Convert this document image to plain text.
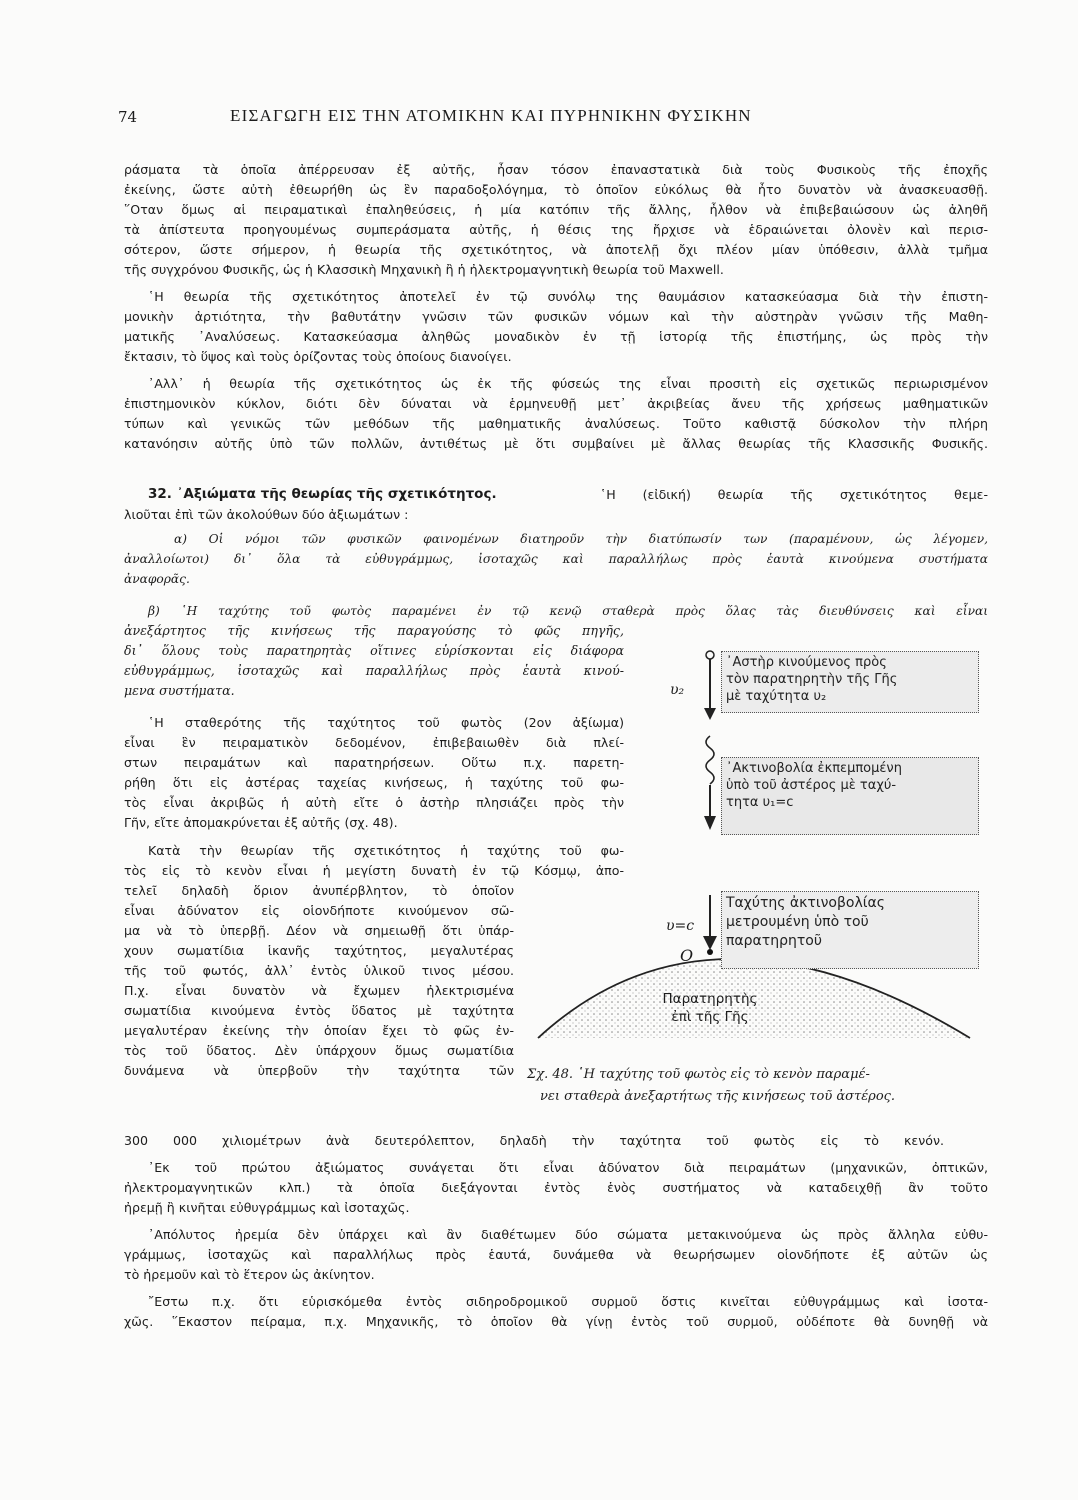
74	ΕΙΣΑΓΩΓΗ ΕΙΣ ΤΗΝ ΑΤΟΜΙΚΗΝ ΚΑΙ ΠΥΡΗΝΙΚΗΝ ΦΥΣΙΚΗΝ
ράσματα τὰ ὁποῖα ἀπέρρευσαν ἐξ αὐτῆς, ἦσαν τόσον ἐπαναστατικὰ διὰ τοὺς Φυσικοὺς τῆς ἐποχῆς
ἐκείνης, ὥστε αὐτὴ ἐθεωρήθη ὡς ἓν παραδοξολόγημα, τὸ ὁποῖον εὐκόλως θὰ ἦτο δυνατὸν νὰ ἀνασκευασθῇ.
῞Οταν ὅμως αἱ πειραματικαὶ ἐπαληθεύσεις, ἡ μία κατόπιν τῆς ἄλλης, ἦλθον νὰ ἐπιβεβαιώσουν ὡς ἀληθῆ
τὰ ἀπίστευτα προηγουμένως συμπεράσματα αὐτῆς, ἡ θέσις της ἤρχισε νὰ ἑδραιώνεται ὀλονὲν καὶ περισ-
σότερον, ὥστε σήμερον, ἡ θεωρία τῆς σχετικότητος, νὰ ἀποτελῇ ὄχι πλέον μίαν ὑπόθεσιν, ἀλλὰ τμῆμα
τῆς συγχρόνου Φυσικῆς, ὡς ἡ Κλασσικὴ Μηχανικὴ ἢ ἡ ἠλεκτρομαγνητικὴ θεωρία τοῦ Maxwell.
῾Η θεωρία τῆς σχετικότητος ἀποτελεῖ ἐν τῷ συνόλῳ της θαυμάσιον κατασκεύασμα διὰ τὴν ἐπιστη-
μονικὴν ἀρτιότητα, τὴν βαθυτάτην γνῶσιν τῶν φυσικῶν νόμων καὶ τὴν αὐστηρὰν γνῶσιν τῆς Μαθη-
ματικῆς ᾿Αναλύσεως. Κατασκεύασμα ἀληθῶς μοναδικὸν ἐν τῇ ἱστορίᾳ τῆς ἐπιστήμης, ὡς πρὸς τὴν
ἔκτασιν, τὸ ὕψος καὶ τοὺς ὁρίζοντας τοὺς ὁποίους διανοίγει.
᾿Αλλ᾿ ἡ θεωρία τῆς σχετικότητος ὡς ἐκ τῆς φύσεώς της εἶναι προσιτὴ εἰς σχετικῶς περιωρισμένον
ἐπιστημονικὸν κύκλον, διότι δὲν δύναται νὰ ἑρμηνευθῇ μετ᾿ ἀκριβείας ἄνευ τῆς χρήσεως μαθηματικῶν
τύπων καὶ γενικῶς τῶν μεθόδων τῆς μαθηματικῆς ἀναλύσεως. Τοῦτο καθιστᾷ δύσκολον τὴν πλήρη
κατανόησιν αὐτῆς ὑπὸ τῶν πολλῶν, ἀντιθέτως μὲ ὅτι συμβαίνει μὲ ἄλλας θεωρίας τῆς Κλασσικῆς Φυσικῆς.
32. ᾿Αξιώματα τῆς θεωρίας τῆς σχετικότητος.	῾Η (εἰδική) θεωρία τῆς σχετικότητος θεμε-
λιοῦται ἐπὶ τῶν ἀκολούθων δύο ἀξιωμάτων :
α) Οἱ νόμοι τῶν φυσικῶν φαινομένων διατηροῦν τὴν διατύπωσίν των (παραμένουν, ὡς λέγομεν,
ἀναλλοίωτοι) δι᾿ ὅλα τὰ εὐθυγράμμως, ἰσοταχῶς καὶ παραλλήλως πρὸς ἑαυτὰ κινούμενα συστήματα
ἀναφορᾶς.
β) ῾Η ταχύτης τοῦ φωτὸς παραμένει ἐν τῷ κενῷ σταθερὰ πρὸς ὅλας τὰς διευθύνσεις καὶ εἶναι
ἀνεξάρτητος τῆς κινήσεως τῆς παραγούσης τὸ φῶς πηγῆς,
δι᾿ ὅλους τοὺς παρατηρητὰς οἵτινες εὑρίσκονται εἰς διάφορα
εὐθυγράμμως, ἰσοταχῶς καὶ παραλλήλως πρὸς ἑαυτὰ κινού-
μενα συστήματα.
῾Η σταθερότης τῆς ταχύτητος τοῦ φωτὸς (2ον ἀξίωμα)
εἶναι ἓν πειραματικὸν δεδομένον, ἐπιβεβαιωθὲν διὰ πλεί-
στων πειραμάτων καὶ παρατηρήσεων. Οὕτω π.χ. παρετη-
ρήθη ὅτι εἰς ἀστέρας ταχείας κινήσεως, ἡ ταχύτης τοῦ φω-
τὸς εἶναι ἀκριβῶς ἡ αὐτὴ εἴτε ὁ ἀστὴρ πλησιάζει πρὸς τὴν
Γῆν, εἴτε ἀπομακρύνεται ἐξ αὐτῆς (σχ. 48).
Κατὰ τὴν θεωρίαν τῆς σχετικότητος ἡ ταχύτης τοῦ φω-
τὸς εἰς τὸ κενὸν εἶναι ἡ μεγίστη δυνατὴ ἐν τῷ Κόσμῳ, ἀπο-
τελεῖ δηλαδὴ ὅριον ἀνυπέρβλητον, τὸ ὁποῖον
εἶναι ἀδύνατον εἰς οἱονδήποτε κινούμενον σῶ-
μα νὰ τὸ ὑπερβῇ. Δέον νὰ σημειωθῇ ὅτι ὑπάρ-
χουν σωματίδια ἱκανῆς ταχύτητος, μεγαλυτέρας
τῆς τοῦ φωτός, ἀλλ᾿ ἐντὸς ὑλικοῦ τινος μέσου.
Π.χ. εἶναι δυνατὸν νὰ ἔχωμεν ἠλεκτρισμένα
σωματίδια κινούμενα ἐντὸς ὕδατος μὲ ταχύτητα
μεγαλυτέραν ἐκείνης τὴν ὁποίαν ἔχει τὸ φῶς ἐν-
τὸς τοῦ ὕδατος. Δὲν ὑπάρχουν ὅμως σωματίδια
δυνάμενα νὰ ὑπερβοῦν τὴν ταχύτητα τῶν
υ₂
υ=c
O
᾿Αστὴρ κινούμενος πρὸς
τὸν παρατηρητὴν τῆς Γῆς
μὲ ταχύτητα υ₂
᾿Ακτινοβολία ἐκπεμπομένη
ὑπὸ τοῦ ἀστέρος μὲ ταχύ-
τητα υ₁=c
Ταχύτης ἀκτινοβολίας
μετρουμένη ὑπὸ τοῦ
παρατηρητοῦ
Παρατηρητὴς
ἐπὶ τῆς Γῆς
Σχ. 48. ῾Η ταχύτης τοῦ φωτὸς εἰς τὸ κενὸν παραμέ-
νει σταθερὰ ἀνεξαρτήτως τῆς κινήσεως τοῦ ἀστέρος.
300 000 χιλιομέτρων ἀνὰ δευτερόλεπτον, δηλαδὴ τὴν ταχύτητα τοῦ φωτὸς εἰς τὸ κενόν.
᾿Εκ τοῦ πρώτου ἀξιώματος συνάγεται ὅτι εἶναι ἀδύνατον διὰ πειραμάτων (μηχανικῶν, ὀπτικῶν,
ἠλεκτρομαγνητικῶν κλπ.) τὰ ὁποῖα διεξάγονται ἐντὸς ἑνὸς συστήματος νὰ καταδειχθῇ ἂν τοῦτο
ἠρεμῇ ἢ κινῆται εὐθυγράμμως καὶ ἰσοταχῶς.
᾿Απόλυτος ἠρεμία δὲν ὑπάρχει καὶ ἂν διαθέτωμεν δύο σώματα μετακινούμενα ὡς πρὸς ἄλληλα εὐθυ-
γράμμως, ἰσοταχῶς καὶ παραλλήλως πρὸς ἑαυτά, δυνάμεθα νὰ θεωρήσωμεν οἱονδήποτε ἐξ αὐτῶν ὡς
τὸ ἠρεμοῦν καὶ τὸ ἕτερον ὡς ἀκίνητον.
῎Εστω π.χ. ὅτι εὑρισκόμεθα ἐντὸς σιδηροδρομικοῦ συρμοῦ ὅστις κινεῖται εὐθυγράμμως καὶ ἰσοτα-
χῶς. ῞Εκαστον πείραμα, π.χ. Μηχανικῆς, τὸ ὁποῖον θὰ γίνῃ ἐντὸς τοῦ συρμοῦ, οὐδέποτε θὰ δυνηθῇ νὰ
